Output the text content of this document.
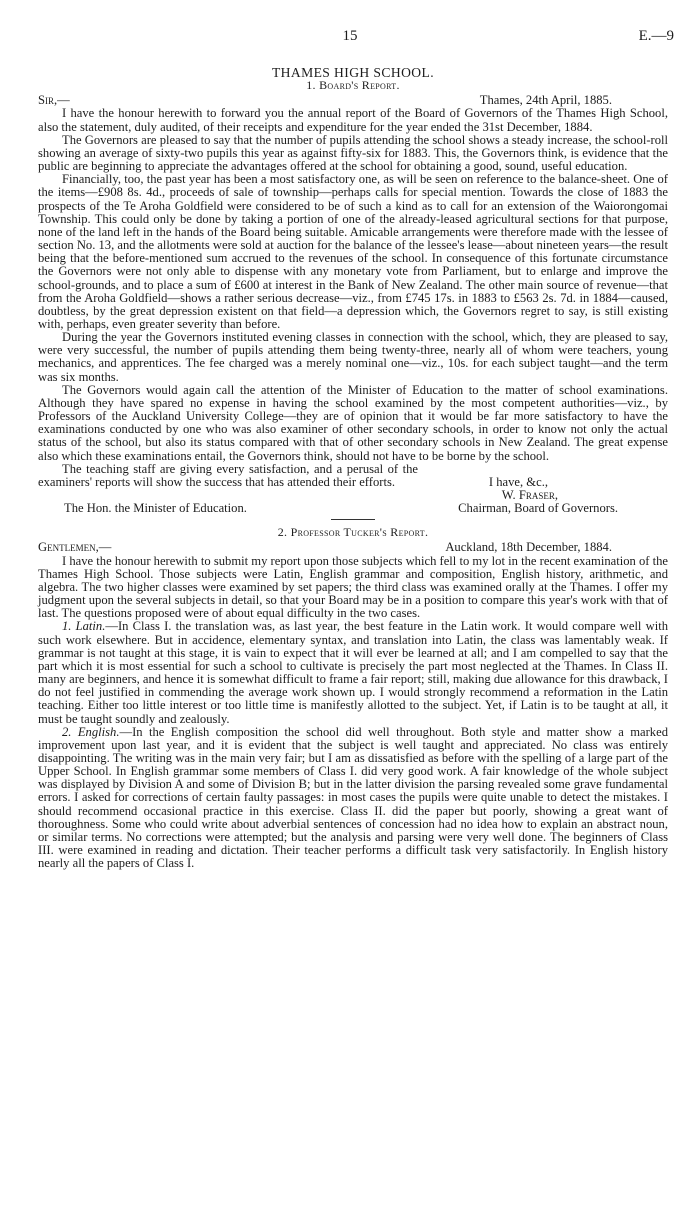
15	E.—9
THAMES HIGH SCHOOL.
1. Board's Report.
Sir,—	Thames, 24th April, 1885.

I have the honour herewith to forward you the annual report of the Board of Governors of the Thames High School, also the statement, duly audited, of their receipts and expenditure for the year ended the 31st December, 1884.

The Governors are pleased to say that the number of pupils attending the school shows a steady increase, the school-roll showing an average of sixty-two pupils this year as against fifty-six for 1883. This, the Governors think, is evidence that the public are beginning to appreciate the advantages offered at the school for obtaining a good, sound, useful education.

Financially, too, the past year has been a most satisfactory one, as will be seen on reference to the balance-sheet. One of the items—£908 8s. 4d., proceeds of sale of township—perhaps calls for special mention. Towards the close of 1883 the prospects of the Te Aroha Goldfield were considered to be of such a kind as to call for an extension of the Waiorongomai Township. This could only be done by taking a portion of one of the already-leased agricultural sections for that purpose, none of the land left in the hands of the Board being suitable. Amicable arrangements were therefore made with the lessee of section No. 13, and the allotments were sold at auction for the balance of the lessee's lease—about nineteen years—the result being that the before-mentioned sum accrued to the revenues of the school. In consequence of this fortunate circumstance the Governors were not only able to dispense with any monetary vote from Parliament, but to enlarge and improve the school-grounds, and to place a sum of £600 at interest in the Bank of New Zealand. The other main source of revenue—that from the Aroha Goldfield—shows a rather serious decrease—viz., from £745 17s. in 1883 to £563 2s. 7d. in 1884—caused, doubtless, by the great depression existent on that field—a depression which, the Governors regret to say, is still existing with, perhaps, even greater severity than before.

During the year the Governors instituted evening classes in connection with the school, which, they are pleased to say, were very successful, the number of pupils attending them being twenty-three, nearly all of whom were teachers, young mechanics, and apprentices. The fee charged was a merely nominal one—viz., 10s. for each subject taught—and the term was six months.

The Governors would again call the attention of the Minister of Education to the matter of school examinations. Although they have spared no expense in having the school examined by the most competent authorities—viz., by Professors of the Auckland University College—they are of opinion that it would be far more satisfactory to have the examinations conducted by one who was also examiner of other secondary schools, in order to know not only the actual status of the school, but also its status compared with that of other secondary schools in New Zealand. The great expense also which these examinations entail, the Governors think, should not have to be borne by the school.

The teaching staff are giving every satisfaction, and a perusal of the examiners' reports will show the success that has attended their efforts.	I have, &c.,
W. Fraser,
The Hon. the Minister of Education.	Chairman, Board of Governors.
2. Professor Tucker's Report.
Gentlemen,—	Auckland, 18th December, 1884.

I have the honour herewith to submit my report upon those subjects which fell to my lot in the recent examination of the Thames High School. Those subjects were Latin, English grammar and composition, English history, arithmetic, and algebra. The two higher classes were examined by set papers; the third class was examined orally at the Thames. I offer my judgment upon the several subjects in detail, so that your Board may be in a position to compare this year's work with that of last. The questions proposed were of about equal difficulty in the two cases.

1. Latin.—In Class I. the translation was, as last year, the best feature in the Latin work. It would compare well with such work elsewhere. But in accidence, elementary syntax, and translation into Latin, the class was lamentably weak. If grammar is not taught at this stage, it is vain to expect that it will ever be learned at all; and I am compelled to say that the part which it is most essential for such a school to cultivate is precisely the part most neglected at the Thames. In Class II. many are beginners, and hence it is somewhat difficult to frame a fair report; still, making due allowance for this drawback, I do not feel justified in commending the average work shown up. I would strongly recommend a reformation in the Latin teaching. Either too little interest or too little time is manifestly allotted to the subject. Yet, if Latin is to be taught at all, it must be taught soundly and zealously.

2. English.—In the English composition the school did well throughout. Both style and matter show a marked improvement upon last year, and it is evident that the subject is well taught and appreciated. No class was entirely disappointing. The writing was in the main very fair; but I am as dissatisfied as before with the spelling of a large part of the Upper School. In English grammar some members of Class I. did very good work. A fair knowledge of the whole subject was displayed by Division A and some of Division B; but in the latter division the parsing revealed some grave fundamental errors. I asked for corrections of certain faulty passages: in most cases the pupils were quite unable to detect the mistakes. I should recommend occasional practice in this exercise. Class II. did the paper but poorly, showing a great want of thoroughness. Some who could write about adverbial sentences of concession had no idea how to explain an abstract noun, or similar terms. No corrections were attempted; but the analysis and parsing were very well done. The beginners of Class III. were examined in reading and dictation. Their teacher performs a difficult task very satisfactorily. In English history nearly all the papers of Class I.
